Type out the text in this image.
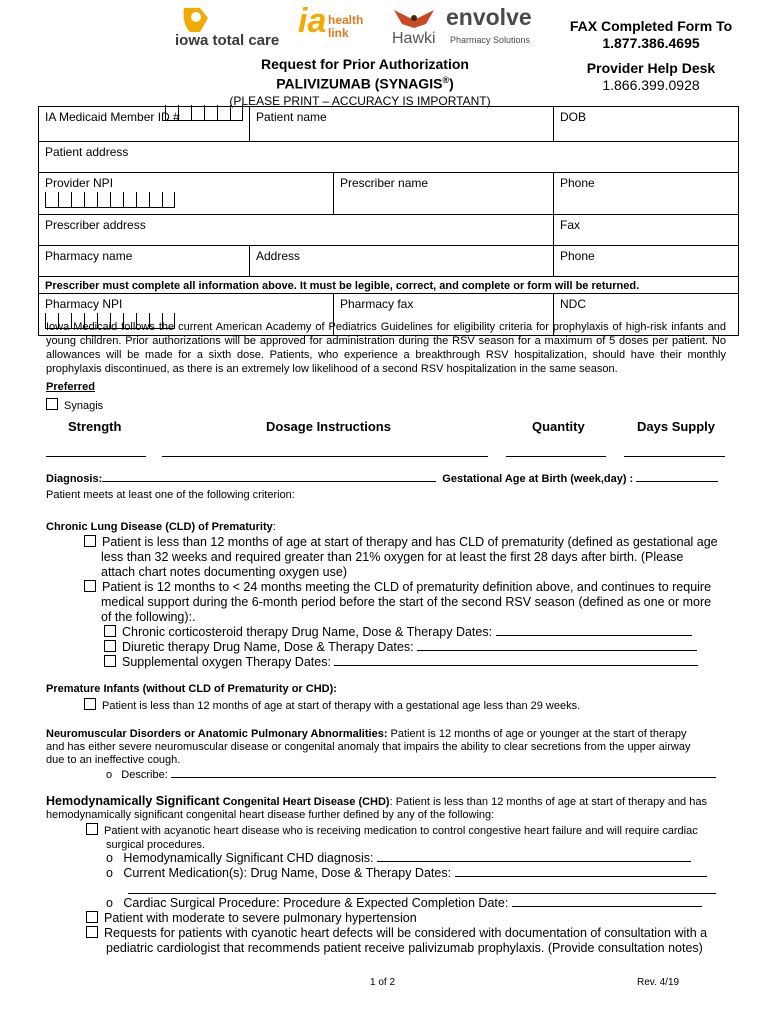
iowa total care
ia health link	Hawki
envolve
Pharmacy Solutions
FAX Completed Form To
1.877.386.4695
Provider Help Desk
1.866.399.0928
Request for Prior Authorization
PALIVIZUMAB (SYNAGIS®)
(PLEASE PRINT – ACCURACY IS IMPORTANT)
IA Medicaid Member ID #	Patient name		DOB
Patient address			
Provider NPI		Prescriber name	Phone
Prescriber address			Fax
Pharmacy name	Address		Phone
Prescriber must complete all information above. It must be legible, correct, and complete or form will be returned.			
Pharmacy NPI		Pharmacy fax	NDC
Iowa Medicaid follows the current American Academy of Pediatrics Guidelines for eligibility criteria for prophylaxis of high-risk infants and young children. Prior authorizations will be approved for administration during the RSV season for a maximum of 5 doses per patient. No allowances will be made for a sixth dose. Patients, who experience a breakthrough RSV hospitalization, should have their monthly prophylaxis discontinued, as there is an extremely low likelihood of a second RSV hospitalization in the same season.
Preferred
Synagis
Strength	Dosage Instructions	Quantity	Days Supply
Diagnosis:	Gestational Age at Birth (week,day) :
Patient meets at least one of the following criterion:
Chronic Lung Disease (CLD) of Prematurity:
Patient is less than 12 months of age at start of therapy and has CLD of prematurity (defined as gestational age
less than 32 weeks and required greater than 21% oxygen for at least the first 28 days after birth. (Please
attach chart notes documenting oxygen use)
Patient is 12 months to < 24 months meeting the CLD of prematurity definition above, and continues to require
medical support during the 6-month period before the start of the second RSV season (defined as one or more
of the following):.
Chronic corticosteroid therapy Drug Name, Dose & Therapy Dates:
Diuretic therapy Drug Name, Dose & Therapy Dates:
Supplemental oxygen Therapy Dates:
Premature Infants (without CLD of Prematurity or CHD):
Patient is less than 12 months of age at start of therapy with a gestational age less than 29 weeks.
Neuromuscular Disorders or Anatomic Pulmonary Abnormalities: Patient is 12 months of age or younger at the start of therapy
and has either severe neuromuscular disease or congenital anomaly that impairs the ability to clear secretions from the upper airway
due to an ineffective cough.
o Describe:
Hemodynamically Significant Congenital Heart Disease (CHD): Patient is less than 12 months of age at start of therapy and has
hemodynamically significant congenital heart disease further defined by any of the following:
Patient with acyanotic heart disease who is receiving medication to control congestive heart failure and will require cardiac
surgical procedures.
o Hemodynamically Significant CHD diagnosis:
o Current Medication(s): Drug Name, Dose & Therapy Dates:
o Cardiac Surgical Procedure: Procedure & Expected Completion Date:
Patient with moderate to severe pulmonary hypertension
Requests for patients with cyanotic heart defects will be considered with documentation of consultation with a
pediatric cardiologist that recommends patient receive palivizumab prophylaxis. (Provide consultation notes)
1 of 2	Rev. 4/19
